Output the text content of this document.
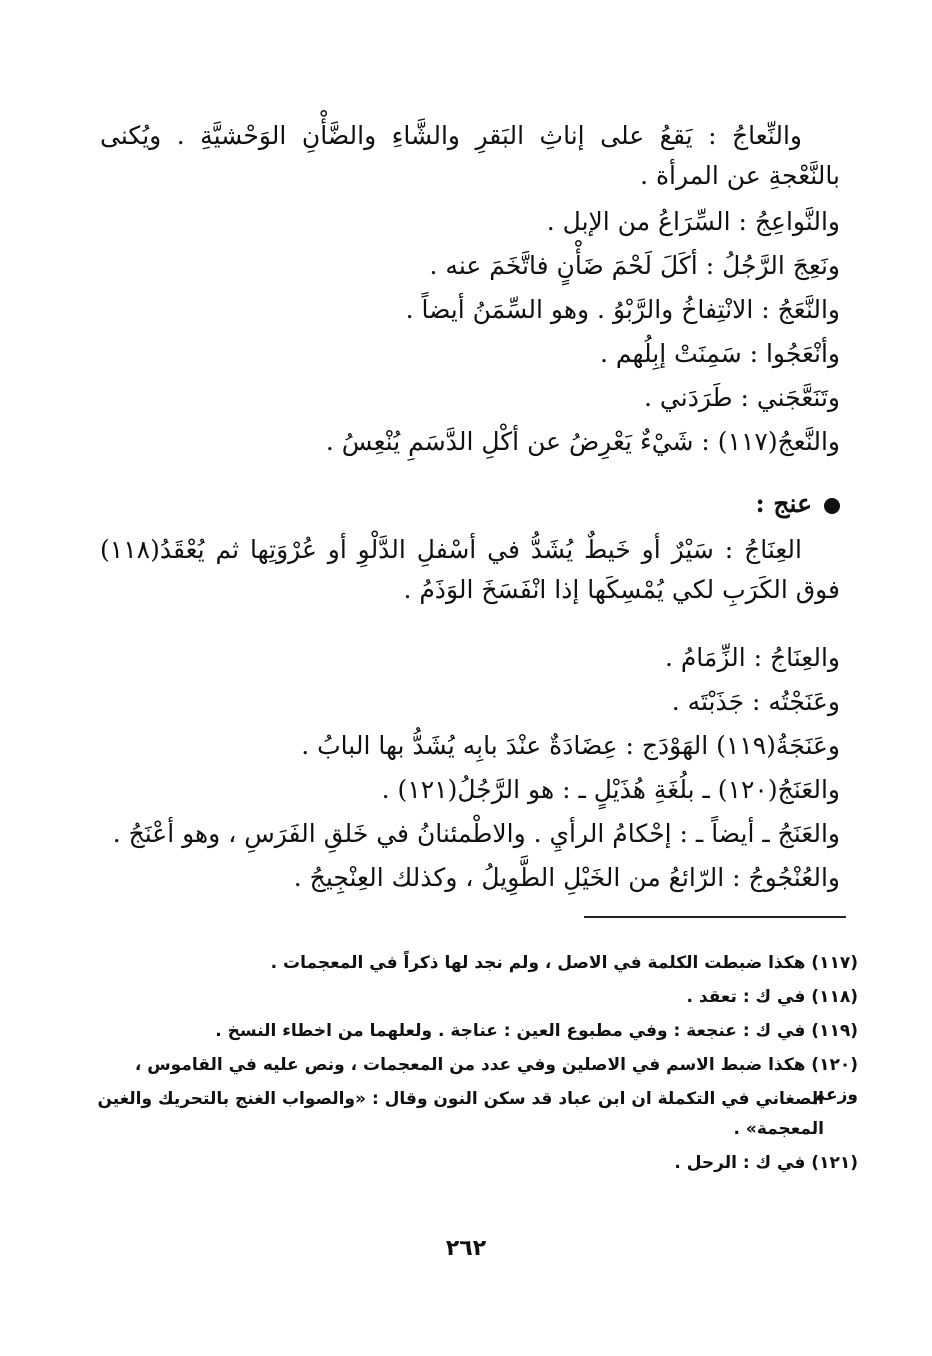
والنِّعاجُ : يَقعُ على إناثِ البَقرِ والشَّاءِ والضَّأْنِ الوَحْشيَّةِ . ويُكنى بالنَّعْجةِ عن المرأة .
والنَّواعِجُ : السِّرَاعُ من الإبل .
ونَعِجَ الرَّجُلُ : أكَلَ لَحْمَ ضَأْنٍ فاتَّخَمَ عنه .
والنَّعَجُ : الانْتِفاخُ والرَّبْوُ . وهو السِّمَنُ أيضاً .
وأنْعَجُوا : سَمِنَتْ إبِلُهم .
وتَنَعَّجَني : طَرَدَني .
والنَّعجُ(١١٧) : شَيْءٌ يَعْرِضُ عن أكْلِ الدَّسَمِ يُنْعِسُ .
عنج :
العِنَاجُ : سَيْرٌ أو خَيطٌ يُشَدُّ في أسْفلِ الدَّلْوِ أو عُرْوَتِها ثم يُعْقَدُ(١١٨) فوق الكَرَبِ لكي يُمْسِكَها إذا انْفَسَخَ الوَذَمُ .
والعِنَاجُ : الزِّمَامُ .
وعَنَجْتُه : جَذَبْتَه .
وعَنَجَةُ(١١٩) الهَوْدَج : عِضَادَةٌ عنْدَ بابِه يُشَدُّ بها البابُ .
والعَنَجُ(١٢٠) ـ بلُغَةِ هُذَيْلٍ ـ : هو الرَّجُلُ(١٢١) .
والعَنَجُ ـ أيضاً ـ : إحْكامُ الرأيِ . والاطْمئنانُ في خَلقِ الفَرَسِ ، وهو أعْنَجُ .
والعُنْجُوجُ : الرّائعُ من الخَيْلِ الطَّوِيلُ ، وكذلك العِنْجِيجُ .
(١١٧) هكذا ضبطت الكلمة في الاصل ، ولم نجد لها ذكراً في المعجمات .
(١١٨) في ك : تعقد .
(١١٩) في ك : عنجعة : وفي مطبوع العين : عناجة . ولعلهما من اخطاء النسخ .
(١٢٠) هكذا ضبط الاسم في الاصلين وفي عدد من المعجمات ، ونص عليه في القاموس ، وزعم
الصغاني في التكملة ان ابن عباد قد سكن النون وقال : «والصواب الغنج بالتحريك والغين
المعجمة» .
(١٢١) في ك : الرحل .
٢٦٢
